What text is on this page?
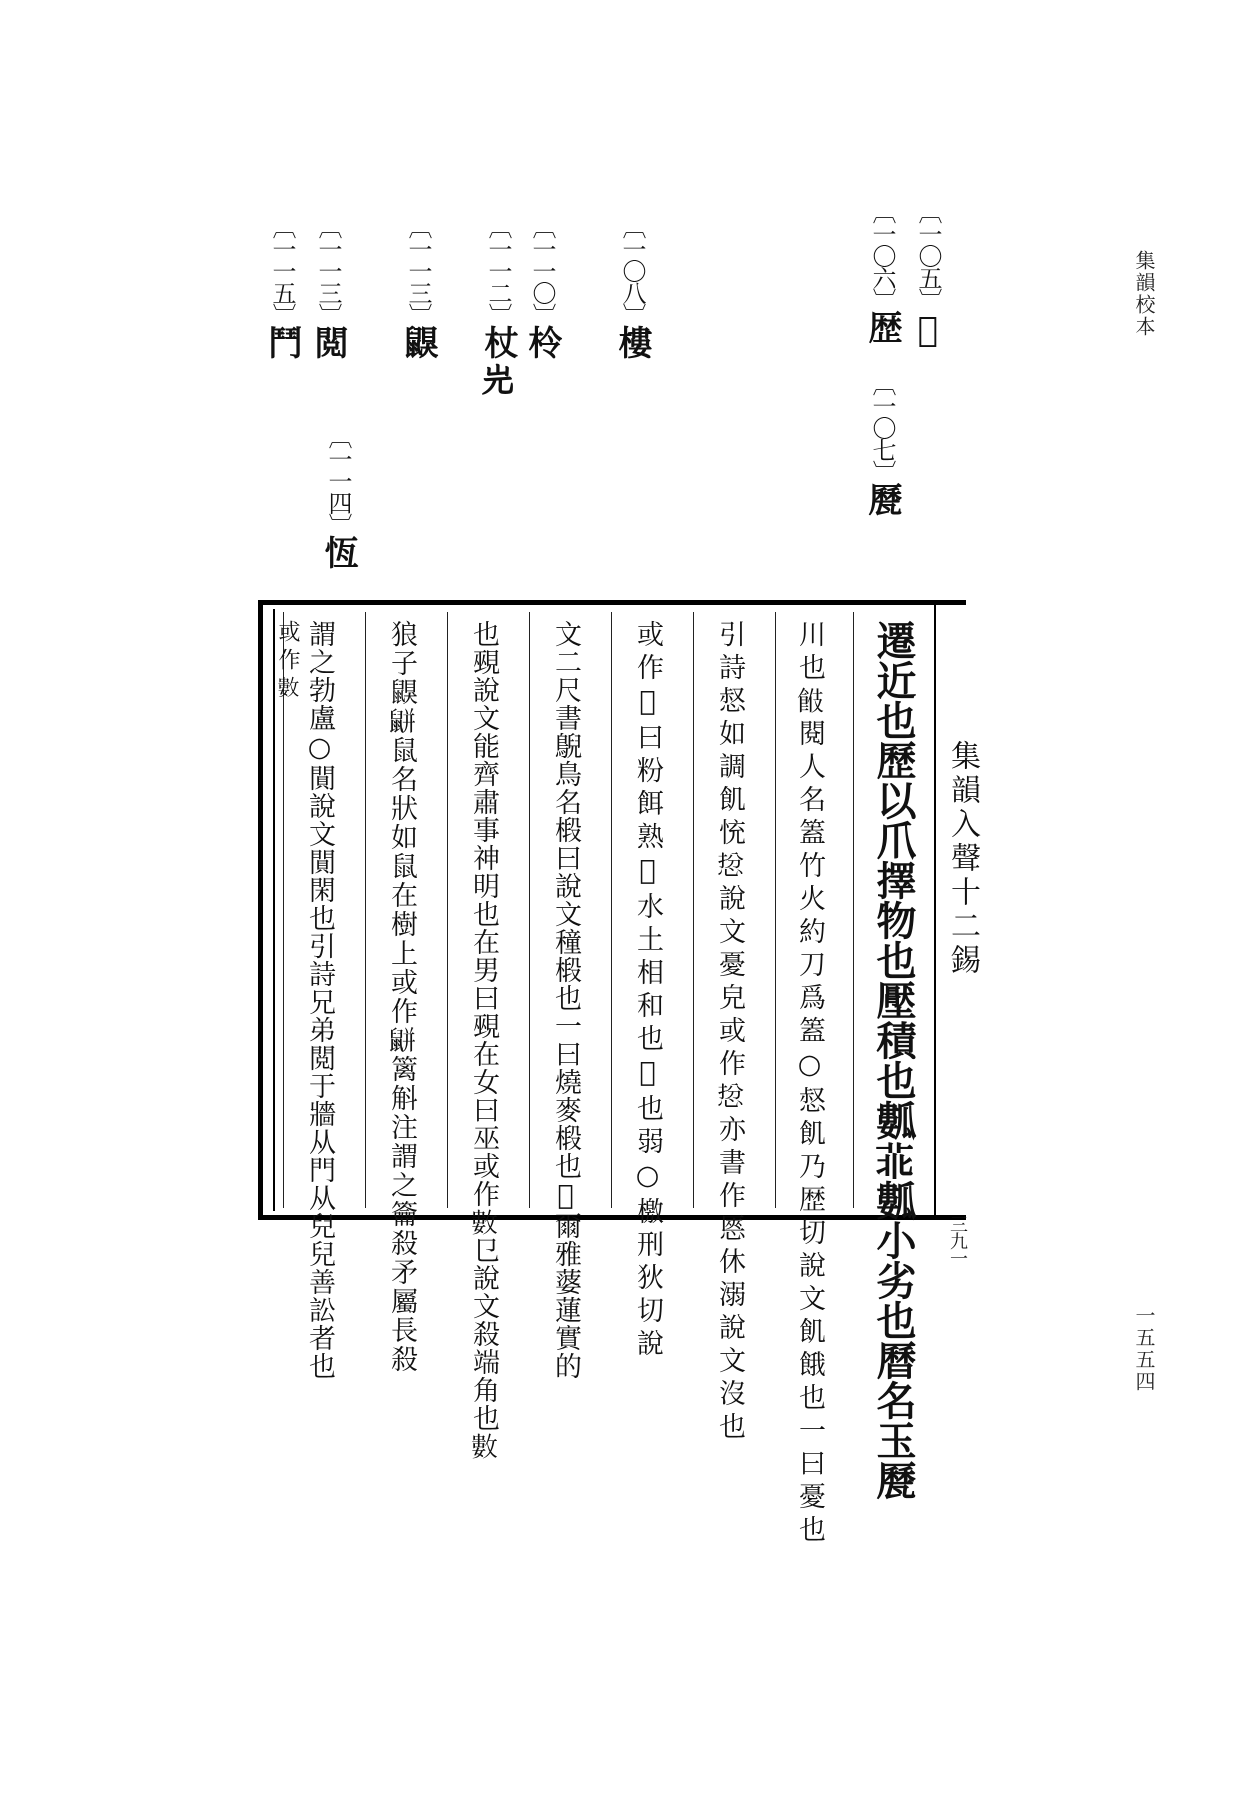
集韻校本
一五五四
〔一〇五〕𤴷
〔一〇六〕歴〔一〇七〕㽁
〔一〇八〕樓
〔一一〇〕柃
〔一一二〕杖𡵉
〔一一三〕鼳
〔一一三〕閲
〔一一五〕鬥
〔一一四〕恆
集韻入聲十二錫
三九一
遷近也歷以爪擇物也壓積也𤬏𦮃𤬏小劣也曆名玉㽁
川也𩛑閱人名篕竹火約刀爲篕○惄飢乃歴切說文飢餓也一曰憂也
引詩惄如調飢㤝𢚅說文憂皃或作𢚅亦書作㥦休溺說文沒也
或作𥹣曰粉餌熟𥹣水土相和也𡒌也弱○檄刑狄切說
文二尺書鶃鳥名椴曰說文穜椴也一曰燒麥椴也𦶜爾雅蔢蓮實的
也覡說文能齊肅事神明也在男曰覡在女曰巫或作𢿙㔾說文殺端角也𢿙
狼子鼳𪕒鼠名狀如鼠在樹上或作𪕒篱斛注謂之籥殺矛屬長殺
謂之勃盧○閴說文閴閑也引詩兄弟閲于牆从門从兒兒善訟者也
或作𢿙
